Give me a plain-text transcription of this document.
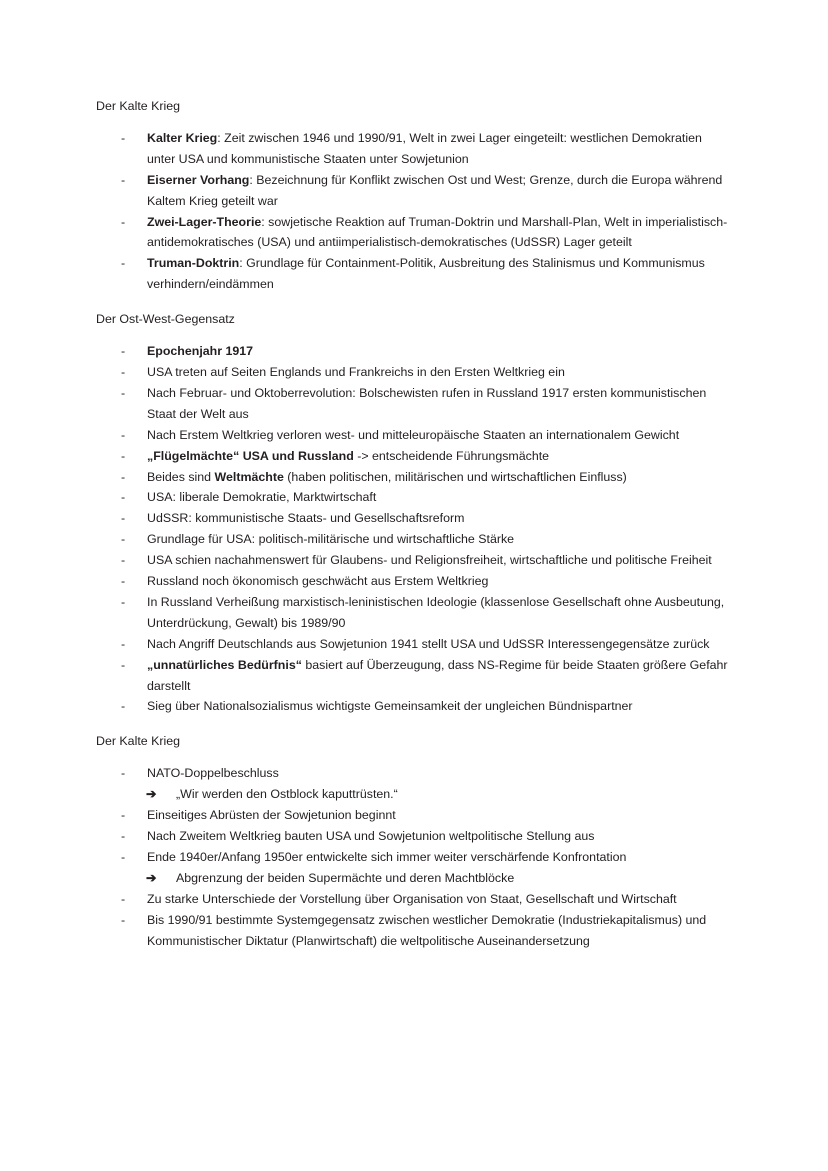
Der Kalte Krieg

-	Kalter Krieg: Zeit zwischen 1946 und 1990/91, Welt in zwei Lager eingeteilt: westlichen Demokratien unter USA und kommunistische Staaten unter Sowjetunion
-	Eiserner Vorhang: Bezeichnung für Konflikt zwischen Ost und West; Grenze, durch die Europa während Kaltem Krieg geteilt war
-	Zwei-Lager-Theorie: sowjetische Reaktion auf Truman-Doktrin und Marshall-Plan, Welt in imperialistisch-antidemokratisches (USA) und antiimperialistisch-demokratisches (UdSSR) Lager geteilt
-	Truman-Doktrin: Grundlage für Containment-Politik, Ausbreitung des Stalinismus und Kommunismus verhindern/eindämmen

Der Ost-West-Gegensatz

-	Epochenjahr 1917
-	USA treten auf Seiten Englands und Frankreichs in den Ersten Weltkrieg ein
-	Nach Februar- und Oktoberrevolution: Bolschewisten rufen in Russland 1917 ersten kommunistischen Staat der Welt aus
-	Nach Erstem Weltkrieg verloren west- und mitteleuropäische Staaten an internationalem Gewicht
-	„Flügelmächte“ USA und Russland -> entscheidende Führungsmächte
-	Beides sind Weltmächte (haben politischen, militärischen und wirtschaftlichen Einfluss)
-	USA: liberale Demokratie, Marktwirtschaft
-	UdSSR: kommunistische Staats- und Gesellschaftsreform
-	Grundlage für USA: politisch-militärische und wirtschaftliche Stärke
-	USA schien nachahmenswert für Glaubens- und Religionsfreiheit, wirtschaftliche und politische Freiheit
-	Russland noch ökonomisch geschwächt aus Erstem Weltkrieg
-	In Russland Verheißung marxistisch-leninistischen Ideologie (klassenlose Gesellschaft ohne Ausbeutung, Unterdrückung, Gewalt) bis 1989/90
-	Nach Angriff Deutschlands aus Sowjetunion 1941 stellt USA und UdSSR Interessengegensätze zurück
-	„unnatürliches Bedürfnis“ basiert auf Überzeugung, dass NS-Regime für beide Staaten größere Gefahr darstellt
-	Sieg über Nationalsozialismus wichtigste Gemeinsamkeit der ungleichen Bündnispartner

Der Kalte Krieg

-	NATO-Doppelbeschluss
➔ „Wir werden den Ostblock kaputtrüsten.“
-	Einseitiges Abrüsten der Sowjetunion beginnt
-	Nach Zweitem Weltkrieg bauten USA und Sowjetunion weltpolitische Stellung aus
-	Ende 1940er/Anfang 1950er entwickelte sich immer weiter verschärfende Konfrontation
➔ Abgrenzung der beiden Supermächte und deren Machtblöcke
-	Zu starke Unterschiede der Vorstellung über Organisation von Staat, Gesellschaft und Wirtschaft
-	Bis 1990/91 bestimmte Systemgegensatz zwischen westlicher Demokratie (Industriekapitalismus) und Kommunistischer Diktatur (Planwirtschaft) die weltpolitische Auseinandersetzung
